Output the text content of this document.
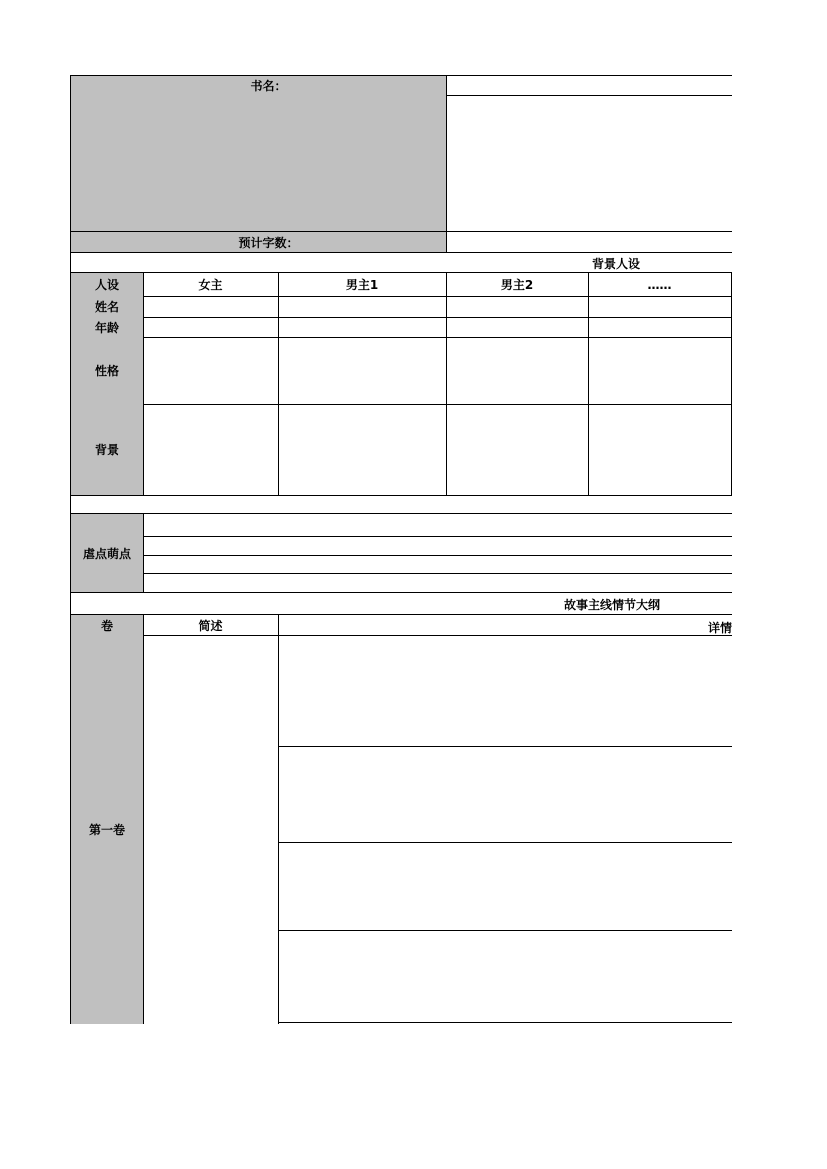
书名：
预计字数：
背景人设
人设	女主	男主1	男主2	……
姓名
年龄
性格
背景
虐点萌点
故事主线情节大纲
卷	简述	详情
第一卷
